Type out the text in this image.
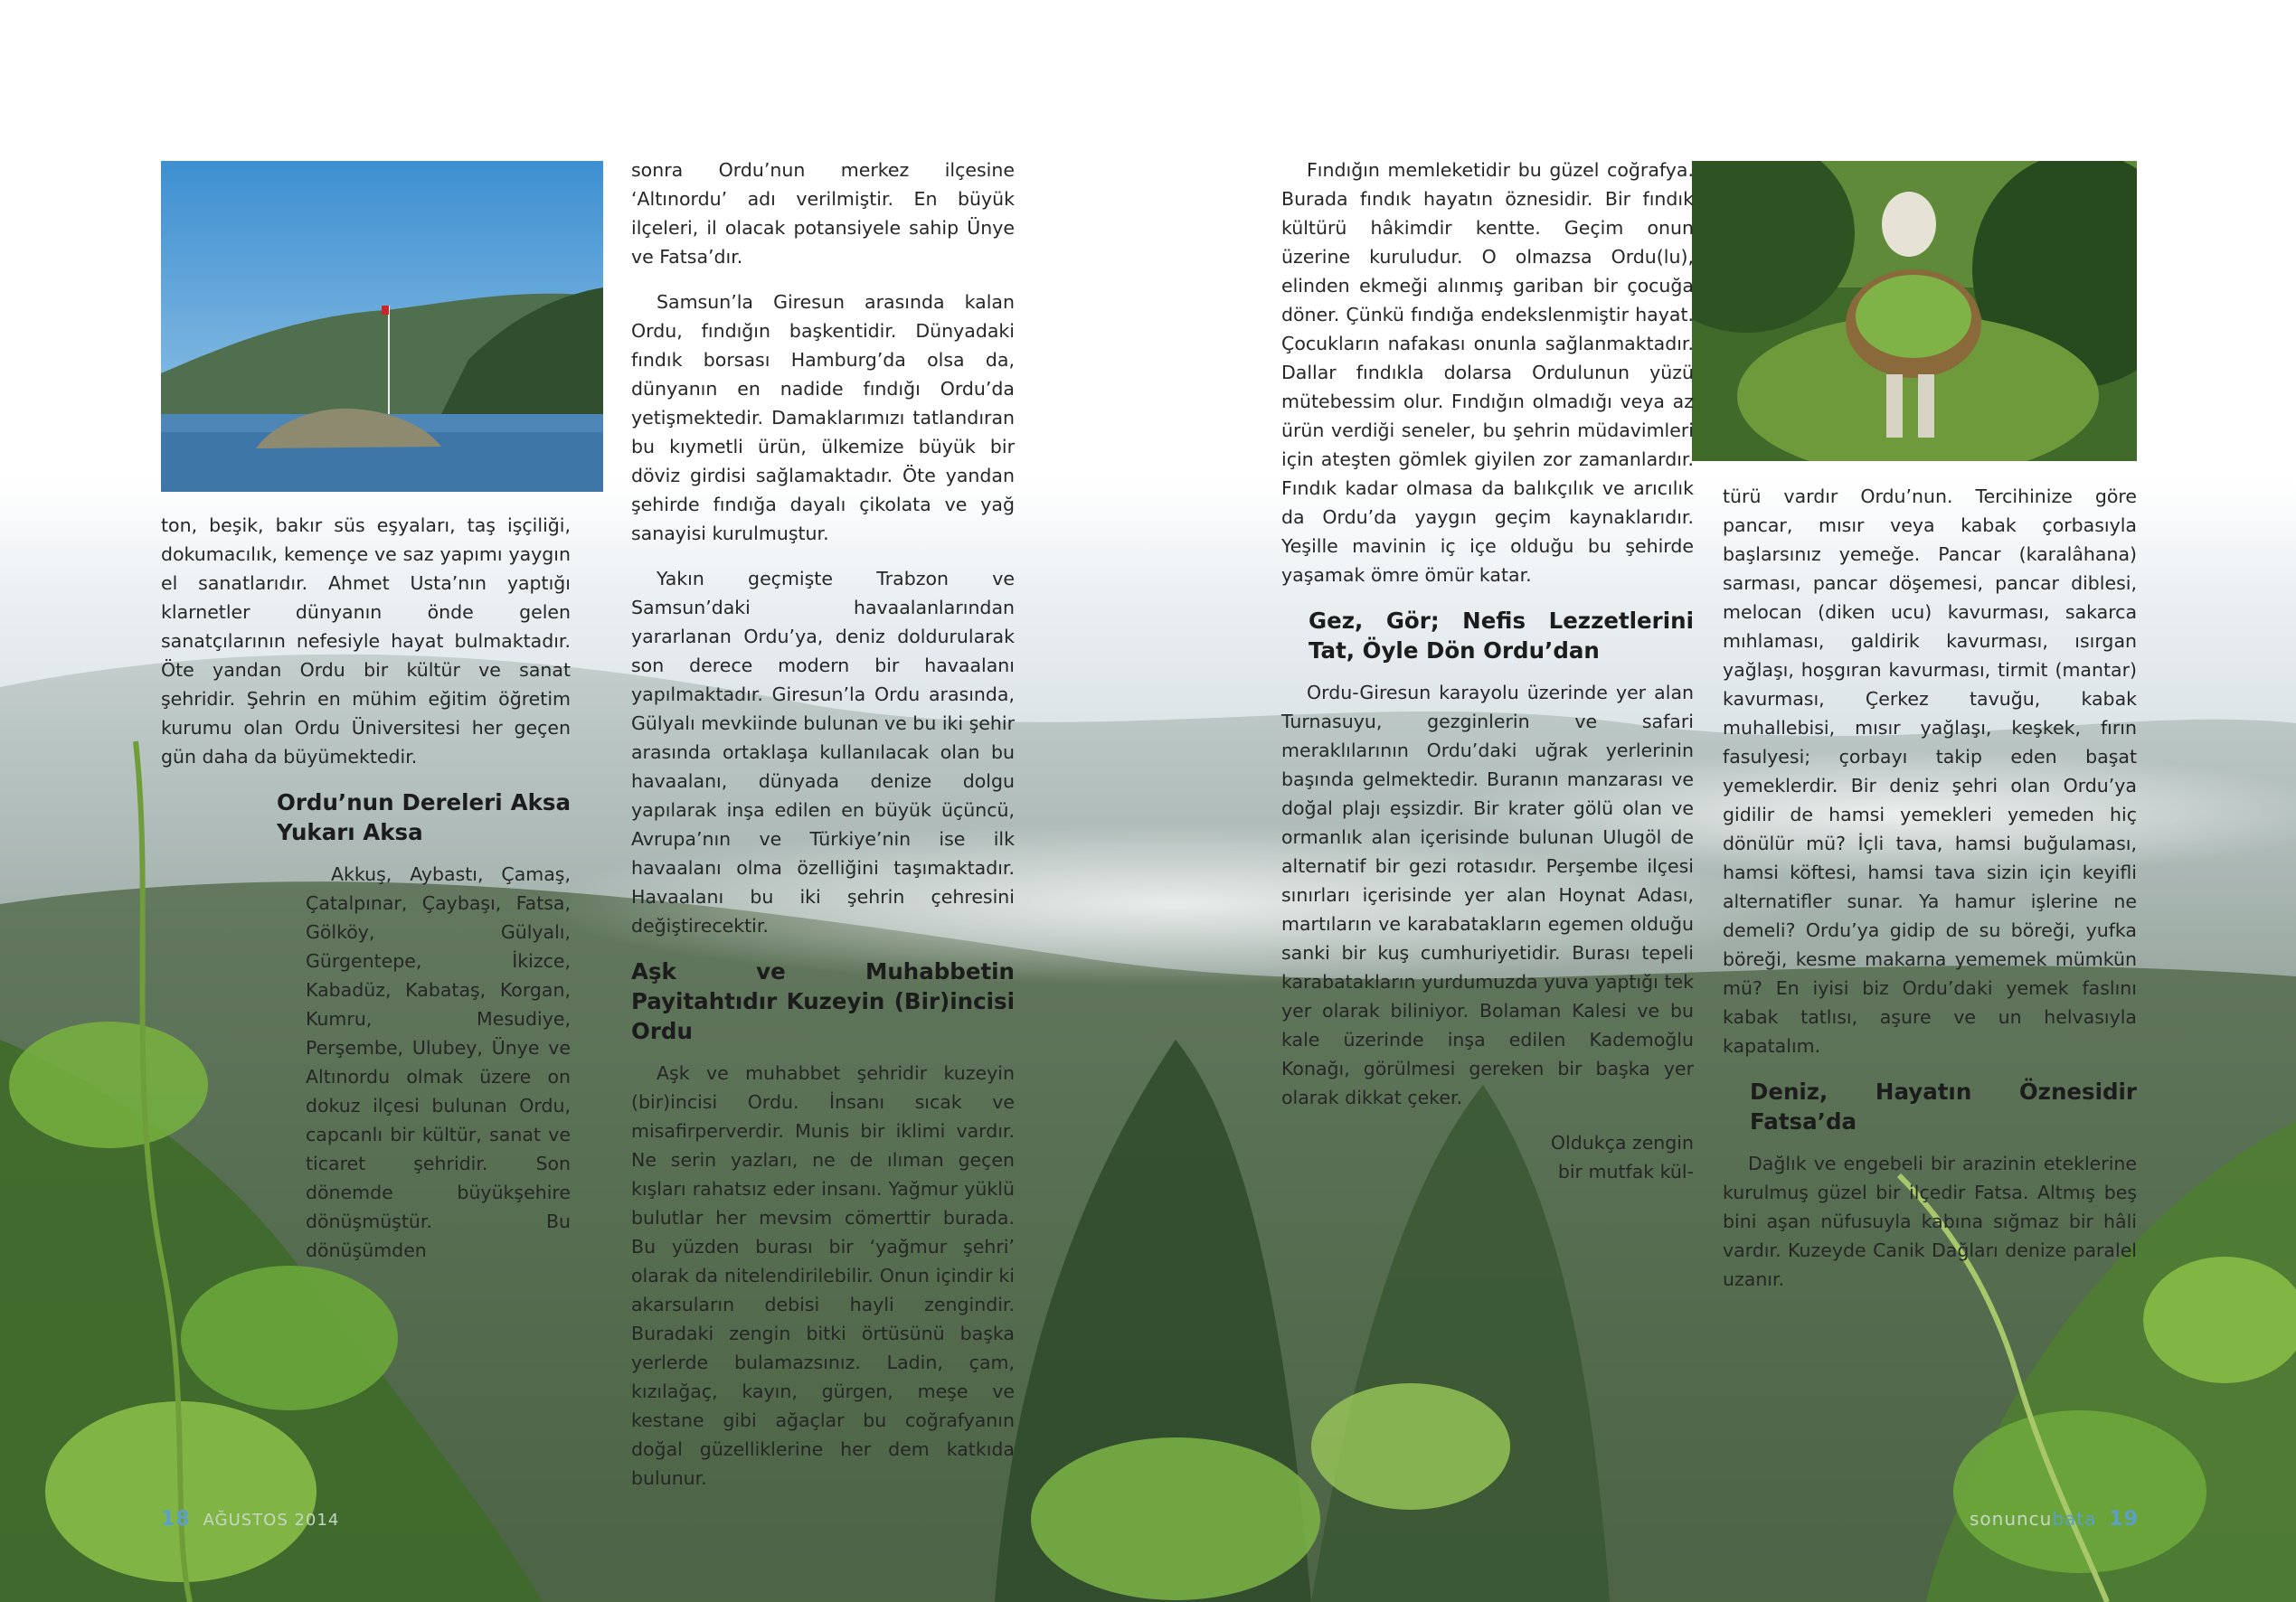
ton, beşik, bakır süs eşyaları, taş işçiliği, dokumacılık, kemençe ve saz yapımı yaygın el sanatlarıdır. Ahmet Usta’nın yaptığı klarnetler dünyanın önde gelen sanatçılarının nefesiyle hayat bulmaktadır. Öte yandan Ordu bir kültür ve sanat şehridir. Şehrin en mühim eğitim öğretim kurumu olan Ordu Üniversitesi her geçen gün daha da büyümektedir.

Ordu’nun Dereleri Aksa Yukarı Aksa

Akkuş, Aybastı, Çamaş, Çatalpınar, Çaybaşı, Fatsa, Gölköy, Gülyalı, Gürgentepe, İkizce, Kabadüz, Kabataş, Korgan, Kumru, Mesudiye, Perşembe, Ulubey, Ünye ve Altınordu olmak üzere on dokuz ilçesi bulunan Ordu, capcanlı bir kültür, sanat ve ticaret şehridir. Son dönemde büyükşehire dönüşmüştür. Bu dönüşümden

sonra Ordu’nun merkez ilçesine ‘Altınordu’ adı verilmiştir. En büyük ilçeleri, il olacak potansiyele sahip Ünye ve Fatsa’dır.

Samsun’la Giresun arasında kalan Ordu, fındığın başkentidir. Dünyadaki fındık borsası Hamburg’da olsa da, dünyanın en nadide fındığı Ordu’da yetişmektedir. Damaklarımızı tatlandıran bu kıymetli ürün, ülkemize büyük bir döviz girdisi sağlamaktadır. Öte yandan şehirde fındığa dayalı çikolata ve yağ sanayisi kurulmuştur.

Yakın geçmişte Trabzon ve Samsun’daki havaalanlarından yararlanan Ordu’ya, deniz doldurularak son derece modern bir havaalanı yapılmaktadır. Giresun’la Ordu arasında, Gülyalı mevkiinde bulunan ve bu iki şehir arasında ortaklaşa kullanılacak olan bu havaalanı, dünyada denize dolgu yapılarak inşa edilen en büyük üçüncü, Avrupa’nın ve Türkiye’nin ise ilk havaalanı olma özelliğini taşımaktadır. Havaalanı bu iki şehrin çehresini değiştirecektir.

Aşk ve Muhabbetin Payitahtıdır Kuzeyin (Bir)incisi Ordu

Aşk ve muhabbet şehridir kuzeyin (bir)incisi Ordu. İnsanı sıcak ve misafirperverdir. Munis bir iklimi vardır. Ne serin yazları, ne de ılıman geçen kışları rahatsız eder insanı. Yağmur yüklü bulutlar her mevsim cömerttir burada. Bu yüzden burası bir ‘yağmur şehri’ olarak da nitelendirilebilir. Onun içindir ki akarsuların debisi hayli zengindir. Buradaki zengin bitki örtüsünü başka yerlerde bulamazsınız. Ladin, çam, kızılağaç, kayın, gürgen, meşe ve kestane gibi ağaçlar bu coğrafyanın doğal güzelliklerine her dem katkıda bulunur.

Fındığın memleketidir bu güzel coğrafya. Burada fındık hayatın öznesidir. Bir fındık kültürü hâkimdir kentte. Geçim onun üzerine kuruludur. O olmazsa Ordu(lu), elinden ekmeği alınmış gariban bir çocuğa döner. Çünkü fındığa endekslenmiştir hayat. Çocukların nafakası onunla sağlanmaktadır. Dallar fındıkla dolarsa Ordulunun yüzü mütebessim olur. Fındığın olmadığı veya az ürün verdiği seneler, bu şehrin müdavimleri için ateşten gömlek giyilen zor zamanlardır. Fındık kadar olmasa da balıkçılık ve arıcılık da Ordu’da yaygın geçim kaynaklarıdır. Yeşille mavinin iç içe olduğu bu şehirde yaşamak ömre ömür katar.

Gez, Gör; Nefis Lezzetlerini Tat, Öyle Dön Ordu’dan

Ordu-Giresun karayolu üzerinde yer alan Turnasuyu, gezginlerin ve safari meraklılarının Ordu’daki uğrak yerlerinin başında gelmektedir. Buranın manzarası ve doğal plajı eşsizdir. Bir krater gölü olan ve ormanlık alan içerisinde bulunan Ulugöl de alternatif bir gezi rotasıdır. Perşembe ilçesi sınırları içerisinde yer alan Hoynat Adası, martıların ve karabatakların egemen olduğu sanki bir kuş cumhuriyetidir. Burası tepeli karabatakların yurdumuzda yuva yaptığı tek yer olarak biliniyor. Bolaman Kalesi ve bu kale üzerinde inşa edilen Kademoğlu Konağı, görülmesi gereken bir başka yer olarak dikkat çeker.

Oldukça zengin bir mutfak kül-

türü vardır Ordu’nun. Tercihinize göre pancar, mısır veya kabak çorbasıyla başlarsınız yemeğe. Pancar (karalâhana) sarması, pancar döşemesi, pancar diblesi, melocan (diken ucu) kavurması, sakarca mıhlaması, galdirik kavurması, ısırgan yağlaşı, hoşgıran kavurması, tirmit (mantar) kavurması, Çerkez tavuğu, kabak muhallebisi, mısır yağlaşı, keşkek, fırın fasulyesi; çorbayı takip eden başat yemeklerdir. Bir deniz şehri olan Ordu’ya gidilir de hamsi yemekleri yemeden hiç dönülür mü? İçli tava, hamsi buğulaması, hamsi köftesi, hamsi tava sizin için keyifli alternatifler sunar. Ya hamur işlerine ne demeli? Ordu’ya gidip de su böreği, yufka böreği, kesme makarna yememek mümkün mü? En iyisi biz Ordu’daki yemek faslını kabak tatlısı, aşure ve un helvasıyla kapatalım.

Deniz, Hayatın Öznesidir Fatsa’da

Dağlık ve engebeli bir arazinin eteklerine kurulmuş güzel bir ilçedir Fatsa. Altmış beş bini aşan nüfusuyla kabına sığmaz bir hâli vardır. Kuzeyde Canik Dağları denize paralel uzanır.

18 AĞUSTOS 2014	sonuncubata 19
